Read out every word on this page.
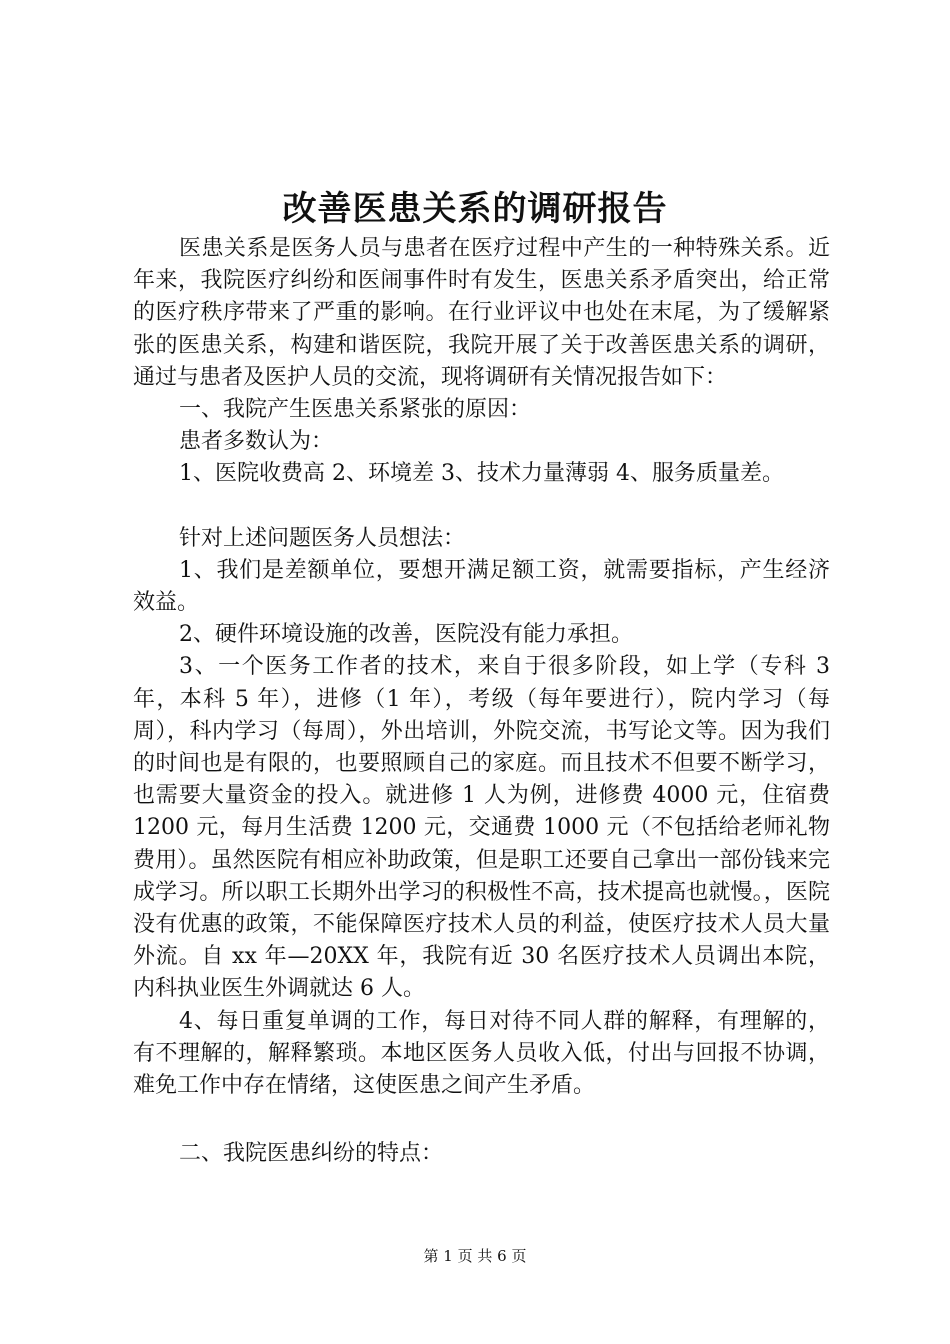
改善医患关系的调研报告

医患关系是医务人员与患者在医疗过程中产生的一种特殊关系。近年来，我院医疗纠纷和医闹事件时有发生，医患关系矛盾突出，给正常的医疗秩序带来了严重的影响。在行业评议中也处在末尾，为了缓解紧张的医患关系，构建和谐医院，我院开展了关于改善医患关系的调研，通过与患者及医护人员的交流，现将调研有关情况报告如下：

一、我院产生医患关系紧张的原因：

患者多数认为：

1、医院收费高 2、环境差 3、技术力量薄弱 4、服务质量差。

针对上述问题医务人员想法：

1、我们是差额单位，要想开满足额工资，就需要指标，产生经济效益。

2、硬件环境设施的改善，医院没有能力承担。

3、一个医务工作者的技术，来自于很多阶段，如上学（专科 3 年，本科 5 年），进修（1 年），考级（每年要进行），院内学习（每周），科内学习（每周），外出培训，外院交流，书写论文等。因为我们的时间也是有限的，也要照顾自己的家庭。而且技术不但要不断学习，也需要大量资金的投入。就进修 1 人为例，进修费 4000 元，住宿费 1200 元，每月生活费 1200 元，交通费 1000 元（不包括给老师礼物费用）。虽然医院有相应补助政策，但是职工还要自己拿出一部份钱来完成学习。所以职工长期外出学习的积极性不高，技术提高也就慢。，医院没有优惠的政策，不能保障医疗技术人员的利益，使医疗技术人员大量外流。自 xx 年—20XX 年，我院有近 30 名医疗技术人员调出本院，内科执业医生外调就达 6 人。

4、每日重复单调的工作，每日对待不同人群的解释，有理解的，有不理解的，解释繁琐。本地区医务人员收入低，付出与回报不协调，难免工作中存在情绪，这使医患之间产生矛盾。

二、我院医患纠纷的特点：

第 1 页 共 6 页
